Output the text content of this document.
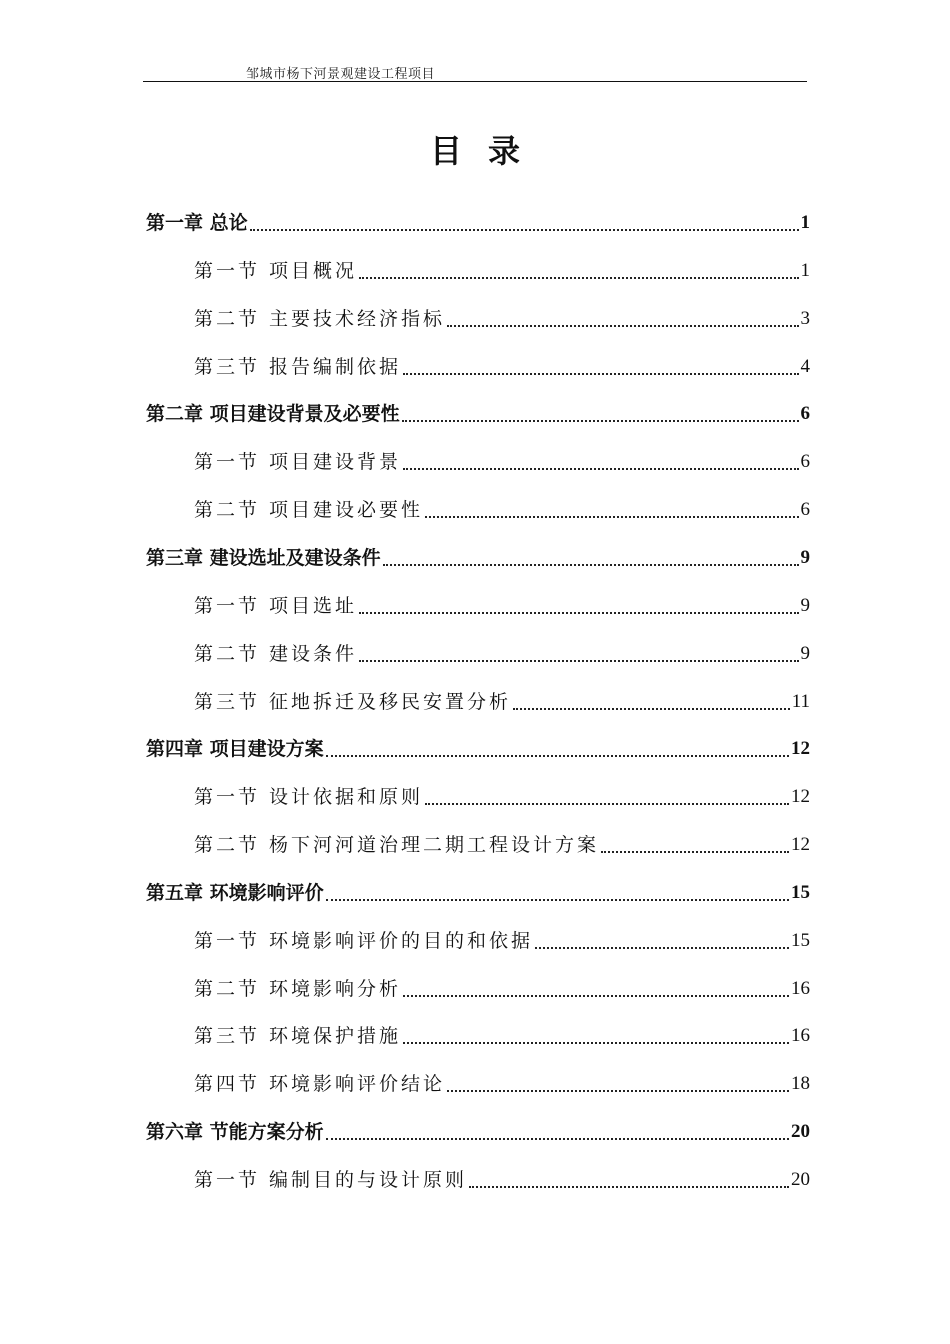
邹城市杨下河景观建设工程项目
目录
第一章 总论	1
第一节 项目概况	1
第二节 主要技术经济指标	3
第三节 报告编制依据	4
第二章 项目建设背景及必要性	6
第一节 项目建设背景	6
第二节 项目建设必要性	6
第三章 建设选址及建设条件	9
第一节 项目选址	9
第二节 建设条件	9
第三节 征地拆迁及移民安置分析	11
第四章 项目建设方案	12
第一节 设计依据和原则	12
第二节 杨下河河道治理二期工程设计方案	12
第五章 环境影响评价	15
第一节 环境影响评价的目的和依据	15
第二节 环境影响分析	16
第三节 环境保护措施	16
第四节 环境影响评价结论	18
第六章 节能方案分析	20
第一节 编制目的与设计原则	20
